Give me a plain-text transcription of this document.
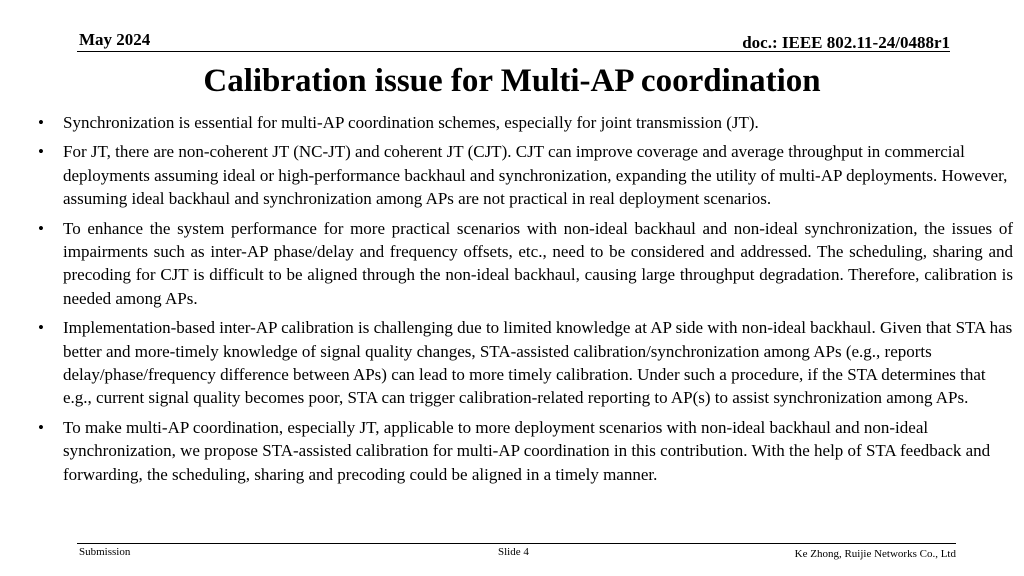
May 2024	doc.: IEEE 802.11-24/0488r1
Calibration issue for Multi-AP coordination
•	Synchronization is essential for multi-AP coordination schemes, especially for joint transmission (JT).
•	For JT, there are non-coherent JT (NC-JT) and coherent JT (CJT). CJT can improve coverage and average throughput in commercial deployments assuming ideal or high-performance backhaul and synchronization, expanding the utility of multi-AP deployments. However, assuming ideal backhaul and synchronization among APs are not practical in real deployment scenarios.
•	To enhance the system performance for more practical scenarios with non-ideal backhaul and non-ideal synchronization, the issues of impairments such as inter-AP phase/delay and frequency offsets, etc., need to be considered and addressed. The scheduling, sharing and precoding for CJT is difficult to be aligned through the non-ideal backhaul, causing large throughput degradation. Therefore, calibration is needed among APs.
•	Implementation-based inter-AP calibration is challenging due to limited knowledge at AP side with non-ideal backhaul. Given that STA has better and more-timely knowledge of signal quality changes, STA-assisted calibration/synchronization among APs (e.g., reports delay/phase/frequency difference between APs) can lead to more timely calibration. Under such a procedure, if the STA determines that e.g., current signal quality becomes poor, STA can trigger calibration-related reporting to AP(s) to assist synchronization among APs.
•	To make multi-AP coordination, especially JT, applicable to more deployment scenarios with non-ideal backhaul and non-ideal synchronization, we propose STA-assisted calibration for multi-AP coordination in this contribution. With the help of STA feedback and forwarding, the scheduling, sharing and precoding could be aligned in a timely manner.
Submission	Slide 4	Ke Zhong, Ruijie Networks Co., Ltd
